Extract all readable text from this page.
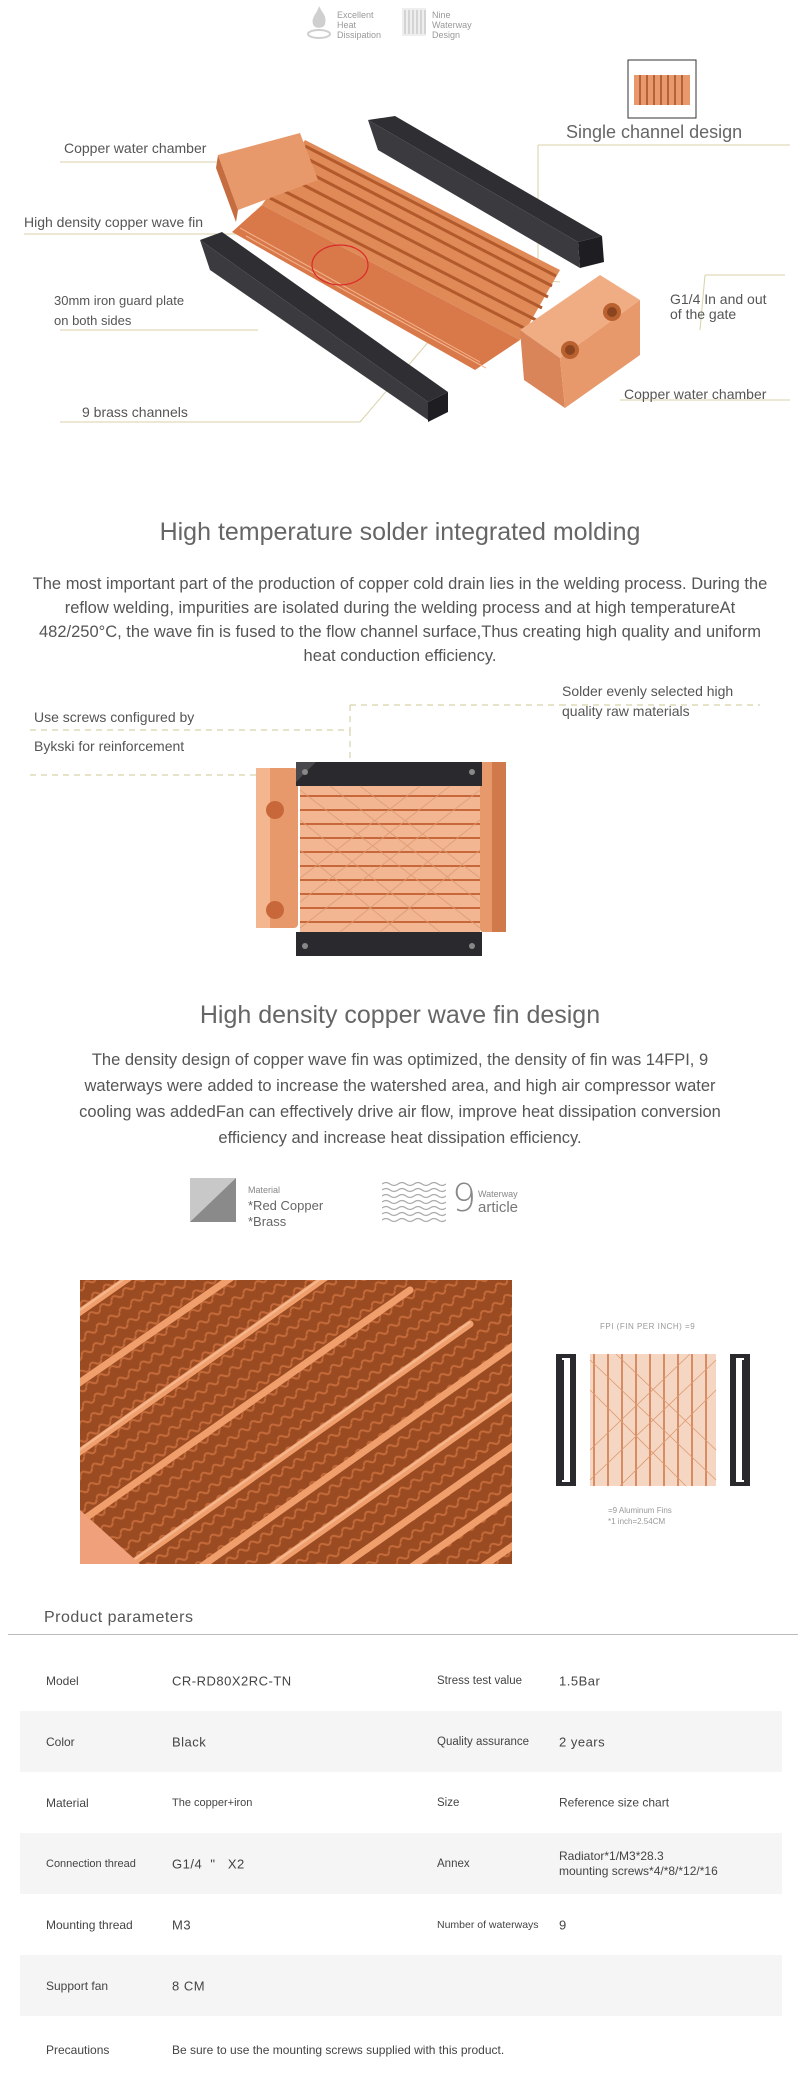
Excellent
Heat
Dissipation
Nine Waterway
Design
Copper water chamber
High density copper wave fin
30mm iron guard plate
on both sides
9 brass channels
Single channel design
G1/4 In and out
of the gate
Copper water chamber
High temperature solder integrated molding
The most important part of the production of copper cold drain lies in the welding process. During the reflow welding, impurities are isolated during the welding process and at high temperatureAt 482/250°C, the wave fin is fused to the flow channel surface,Thus creating high quality and uniform heat conduction efficiency.
Use screws configured by
Bykski for reinforcement
Solder evenly selected high
quality raw materials
High density copper wave fin design
The density design of copper wave fin was optimized, the density of fin was 14FPI, 9 waterways were added to increase the watershed area, and high air compressor water cooling was addedFan can effectively drive air flow, improve heat dissipation conversion efficiency and increase heat dissipation efficiency.
Material
*Red Copper
*Brass
9 Waterway
article
FPI (FIN PER INCH) =9
=9 Aluminum Fins
*1 inch=2.54CM
Product parameters
Model	CR-RD80X2RC-TN	Stress test value	1.5Bar
Color	Black	Quality assurance 2 years
Material	The copper+iron	Size	Reference size chart
Connection thread	G1/4  "   X2	Annex
Radiator*1/M3*28.3
mounting screws*4/*8/*12/*16
Mounting thread	M3	Number of waterways 9
Support fan	8 CM
Precautions	Be sure to use the mounting screws supplied with this product.
